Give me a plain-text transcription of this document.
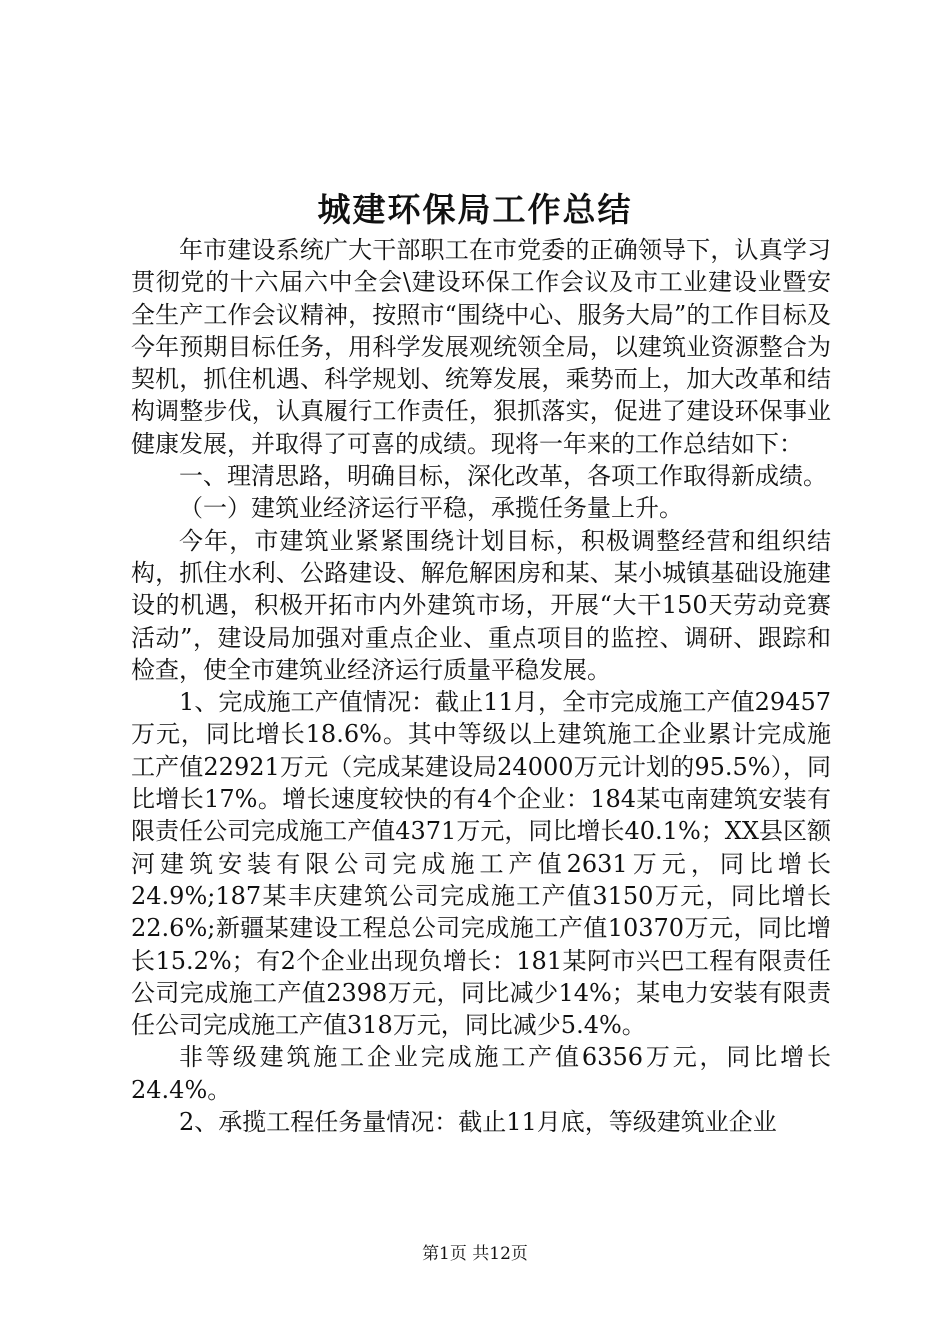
城建环保局工作总结

年市建设系统广大干部职工在市党委的正确领导下，认真学习贯彻党的十六届六中全会\建设环保工作会议及市工业建设业暨安全生产工作会议精神，按照市“围绕中心、服务大局”的工作目标及今年预期目标任务，用科学发展观统领全局，以建筑业资源整合为契机，抓住机遇、科学规划、统筹发展，乘势而上，加大改革和结构调整步伐，认真履行工作责任，狠抓落实，促进了建设环保事业健康发展，并取得了可喜的成绩。现将一年来的工作总结如下：

一、理清思路，明确目标，深化改革，各项工作取得新成绩。

（一）建筑业经济运行平稳，承揽任务量上升。

今年，市建筑业紧紧围绕计划目标，积极调整经营和组织结构，抓住水利、公路建设、解危解困房和某、某小城镇基础设施建设的机遇，积极开拓市内外建筑市场，开展“大干150天劳动竞赛活动”，建设局加强对重点企业、重点项目的监控、调研、跟踪和检查，使全市建筑业经济运行质量平稳发展。

1、完成施工产值情况：截止11月，全市完成施工产值29457万元，同比增长18.6%。其中等级以上建筑施工企业累计完成施工产值22921万元（完成某建设局24000万元计划的95.5%），同比增长17%。增长速度较快的有4个企业：184某屯南建筑安装有限责任公司完成施工产值4371万元，同比增长40.1%；XX县区额河建筑安装有限公司完成施工产值2631万元，同比增长24.9%;187某丰庆建筑公司完成施工产值3150万元，同比增长22.6%;新疆某建设工程总公司完成施工产值10370万元，同比增长15.2%；有2个企业出现负增长：181某阿市兴巴工程有限责任公司完成施工产值2398万元，同比减少14%；某电力安装有限责任公司完成施工产值318万元，同比减少5.4%。

非等级建筑施工企业完成施工产值6356万元，同比增长24.4%。

2、承揽工程任务量情况：截止11月底，等级建筑业企业

第1页 共12页
